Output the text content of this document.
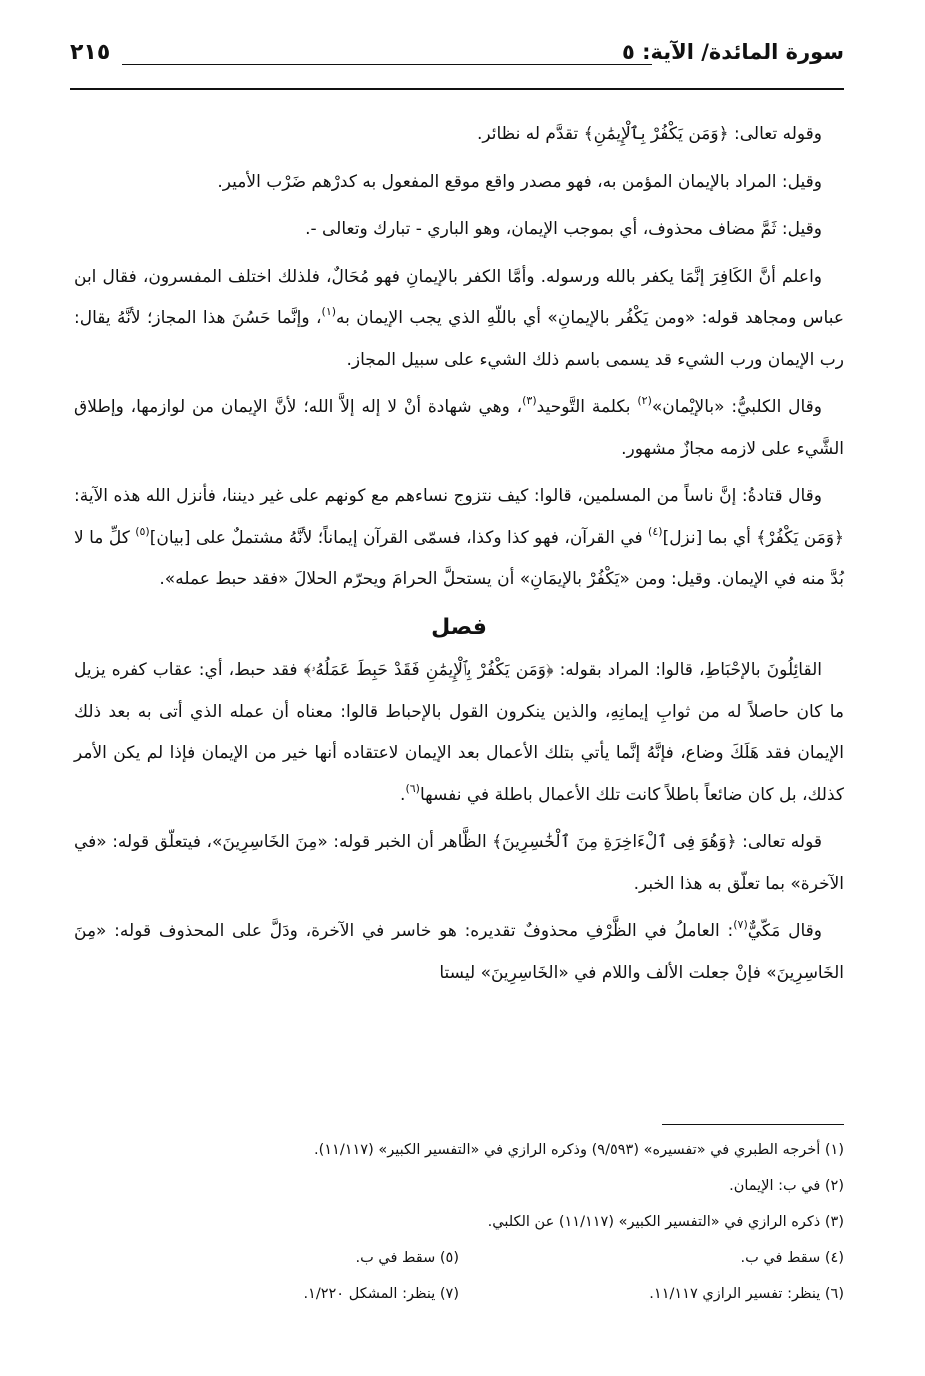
سورة المائدة/ الآية: ٥
٢١٥

وقوله تعالى: ﴿وَمَن يَكْفُرْ بِٱلْإِيمَٰنِ﴾ تقدَّم له نظائر.

وقيل: المراد بالإيمان المؤمن به، فهو مصدر واقع موقع المفعول به كدرْهم ضَرْب الأمير.

وقيل: ثَمَّ مضاف محذوف، أي بموجب الإيمان، وهو الباري - تبارك وتعالى -.

واعلم أنَّ الكَافِرَ إنَّمَا يكفر بالله ورسوله. وأمَّا الكفر بالإيمانِ فهو مُحَالٌ، فلذلك اختلف المفسرون، فقال ابن عباس ومجاهد قوله: «ومن يَكْفُر بالإيمانِ» أي باللّهِ الذي يجب الإيمان به$^{(١)}$، وإنَّما حَسُنَ هذا المجاز؛ لأنَّهُ يقال: رب الإيمان ورب الشيء قد يسمى باسم ذلك الشيء على سبيل المجاز.

وقال الكلبيُّ: «بالإيْمان»$^{(٢)}$ بكلمة التَّوحيد$^{(٣)}$، وهي شهادة أنْ لا إله إلاَّ الله؛ لأنَّ الإيمان من لوازمها، وإطلاق الشَّيء على لازمه مجازٌ مشهور.

وقال قتادةُ: إنَّ ناساً من المسلمين، قالوا: كيف نتزوج نساءهم مع كونهم على غير ديننا، فأنزل الله هذه الآية: ﴿وَمَن يَكْفُرْ﴾ أي بما [نزل]$^{(٤)}$ في القرآن، فهو كذا وكذا، فسمّى القرآن إيماناً؛ لأنَّهُ مشتملٌ على [بيان]$^{(٥)}$ كلِّ ما لا بُدَّ منه في الإيمان. وقيل: ومن «يَكْفُرْ بالإيمَانِ» أن يستحلَّ الحرامَ ويحرّم الحلالَ «فقد حبط عمله».

فصل

القائِلُونَ بالإحْبَاطِ، قالوا: المراد بقوله: ﴿وَمَن يَكْفُرْ بِٱلْإِيمَٰنِ فَقَدْ حَبِطَ عَمَلُهُۥ﴾ فقد حبط، أي: عقاب كفره يزيل ما كان حاصلاً له من ثوابِ إيمانِهِ، والذين ينكرون القول بالإحباط قالوا: معناه أن عمله الذي أتى به بعد ذلك الإيمان فقد هَلَكَ وضاع، فإنَّهُ إنَّما يأتي بتلك الأعمال بعد الإيمان لاعتقاده أنها خير من الإيمان فإذا لم يكن الأمر كذلك، بل كان ضائعاً باطلاً كانت تلك الأعمال باطلة في نفسها$^{(٦)}$.

قوله تعالى: ﴿وَهُوَ فِى ٱلْءَاخِرَةِ مِنَ ٱلْخَٰسِرِينَ﴾ الظَّاهر أن الخبر قوله: «مِنَ الخَاسِرِينَ»، فيتعلّق قوله: «في الآخرة» بما تعلّق به هذا الخبر.

وقال مَكّيٌّ$^{(٧)}$: العاملُ في الظَّرْفِ محذوفٌ تقديره: هو خاسر في الآخرة، ودَلَّ على المحذوف قوله: «مِنَ الخَاسِرِينَ» فإنْ جعلت الألف واللام في «الخَاسِرِينَ» ليستا

(١) أخرجه الطبري في «تفسيره» (٩/٥٩٣) وذكره الرازي في «التفسير الكبير» (١١/١١٧).

(٢) في ب: الإيمان.

(٣) ذكره الرازي في «التفسير الكبير» (١١/١١٧) عن الكلبي.

(٤) سقط في ب.

(٥) سقط في ب.

(٦) ينظر: تفسير الرازي ١١/١١٧.

(٧) ينظر: المشكل ١/٢٢٠.
